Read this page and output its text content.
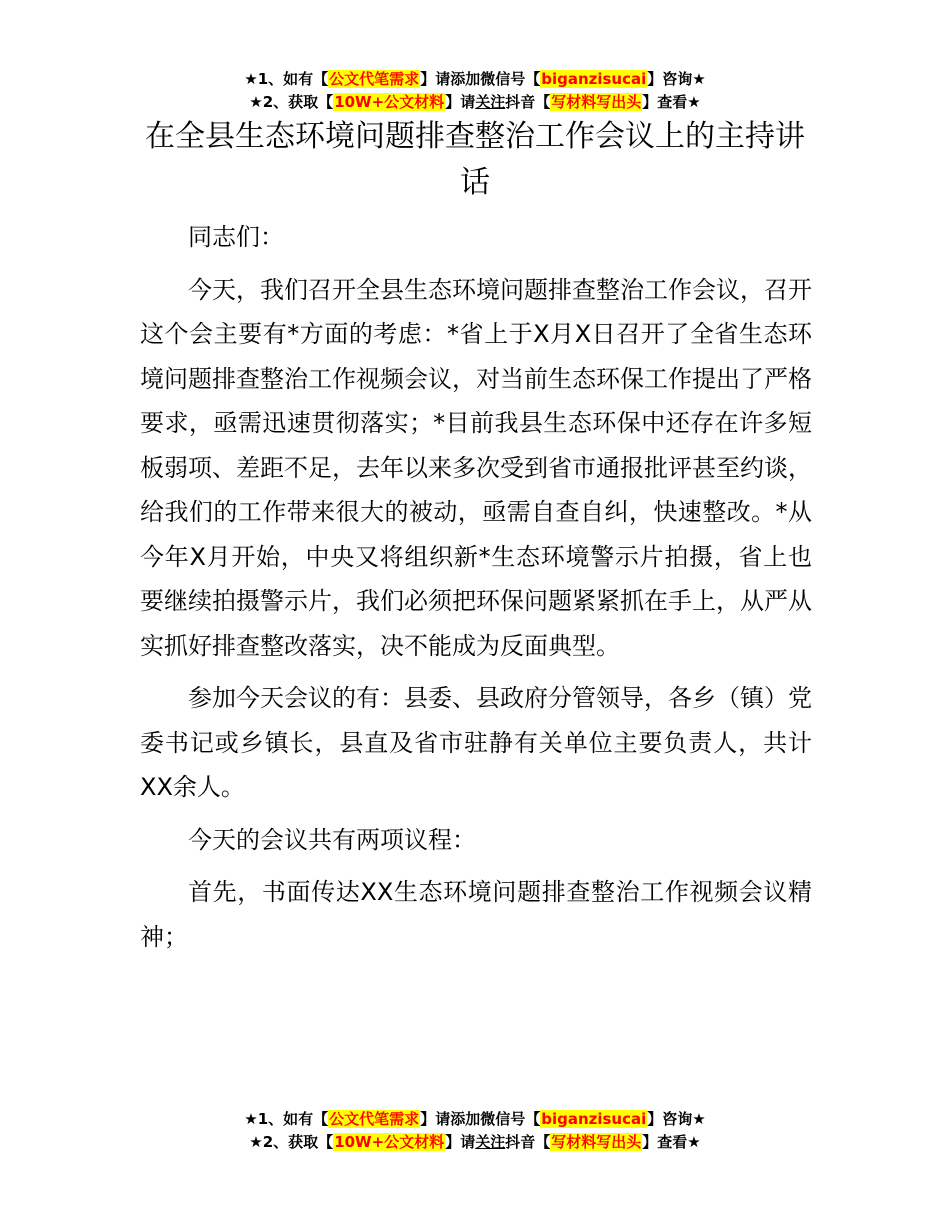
★1、如有【公文代笔需求】请添加微信号【biganzisucai】咨询★
★2、获取【10W+公文材料】请关注抖音【写材料写出头】查看★
在全县生态环境问题排查整治工作会议上的主持讲话

同志们：

今天，我们召开全县生态环境问题排查整治工作会议，召开这个会主要有*方面的考虑：*省上于X月X日召开了全省生态环境问题排查整治工作视频会议，对当前生态环保工作提出了严格要求，亟需迅速贯彻落实；*目前我县生态环保中还存在许多短板弱项、差距不足，去年以来多次受到省市通报批评甚至约谈，给我们的工作带来很大的被动，亟需自查自纠，快速整改。*从今年X月开始，中央又将组织新*生态环境警示片拍摄，省上也要继续拍摄警示片，我们必须把环保问题紧紧抓在手上，从严从实抓好排查整改落实，决不能成为反面典型。

参加今天会议的有：县委、县政府分管领导，各乡（镇）党委书记或乡镇长，县直及省市驻静有关单位主要负责人，共计XX余人。

今天的会议共有两项议程：

首先，书面传达XX生态环境问题排查整治工作视频会议精神；

★1、如有【公文代笔需求】请添加微信号【biganzisucai】咨询★
★2、获取【10W+公文材料】请关注抖音【写材料写出头】查看★
